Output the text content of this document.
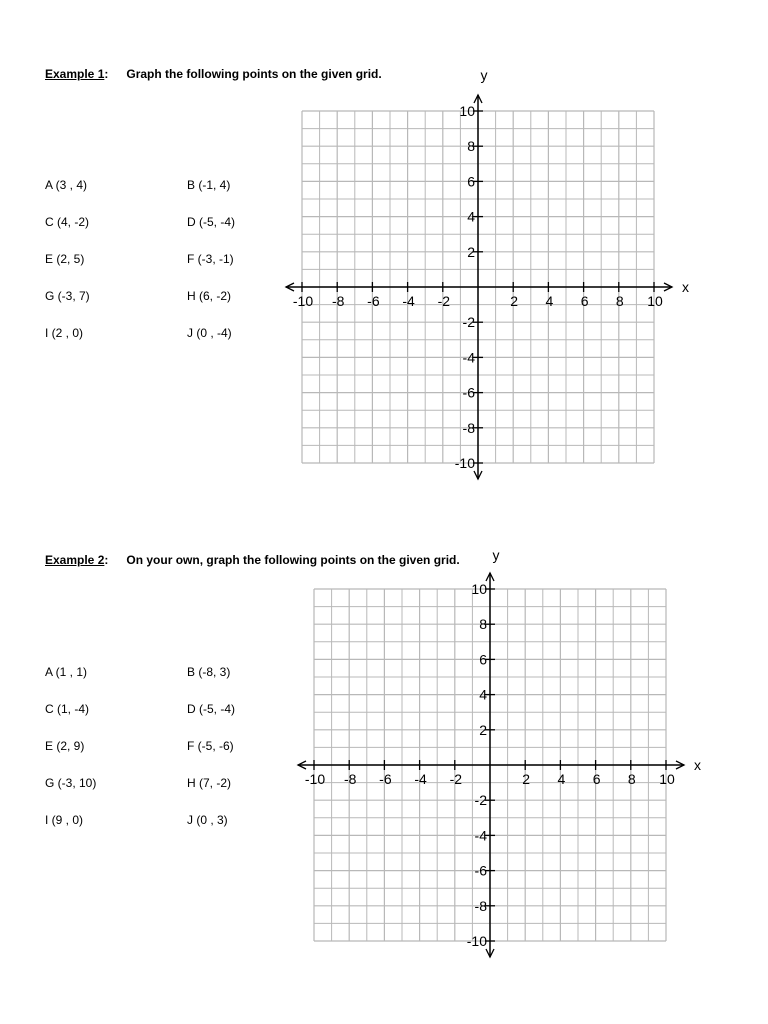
Example 1: Graph the following points on the given grid.
A (3 , 4)	B (-1, 4)
C (4, -2)	D (-5, -4)
E (2, 5)	F (-3, -1)
G (-3, 7)	H (6, -2)
I (2 , 0)	J (0 , -4)
-10 -8 -6 -4 -2	2 4 6 8 10
10
8
6
4
2
-2
-4
-6
-8
-10
x
y
Example 2: On your own, graph the following points on the given grid.
A (1 , 1)	B (-8, 3)
C (1, -4)	D (-5, -4)
E (2, 9)	F (-5, -6)
G (-3, 10)	H (7, -2)
I (9 , 0)	J (0 , 3)
-10 -8 -6 -4 -2	2 4 6 8 10
10
8
6
4
2
-2
-4
-6
-8
-10
x
y
